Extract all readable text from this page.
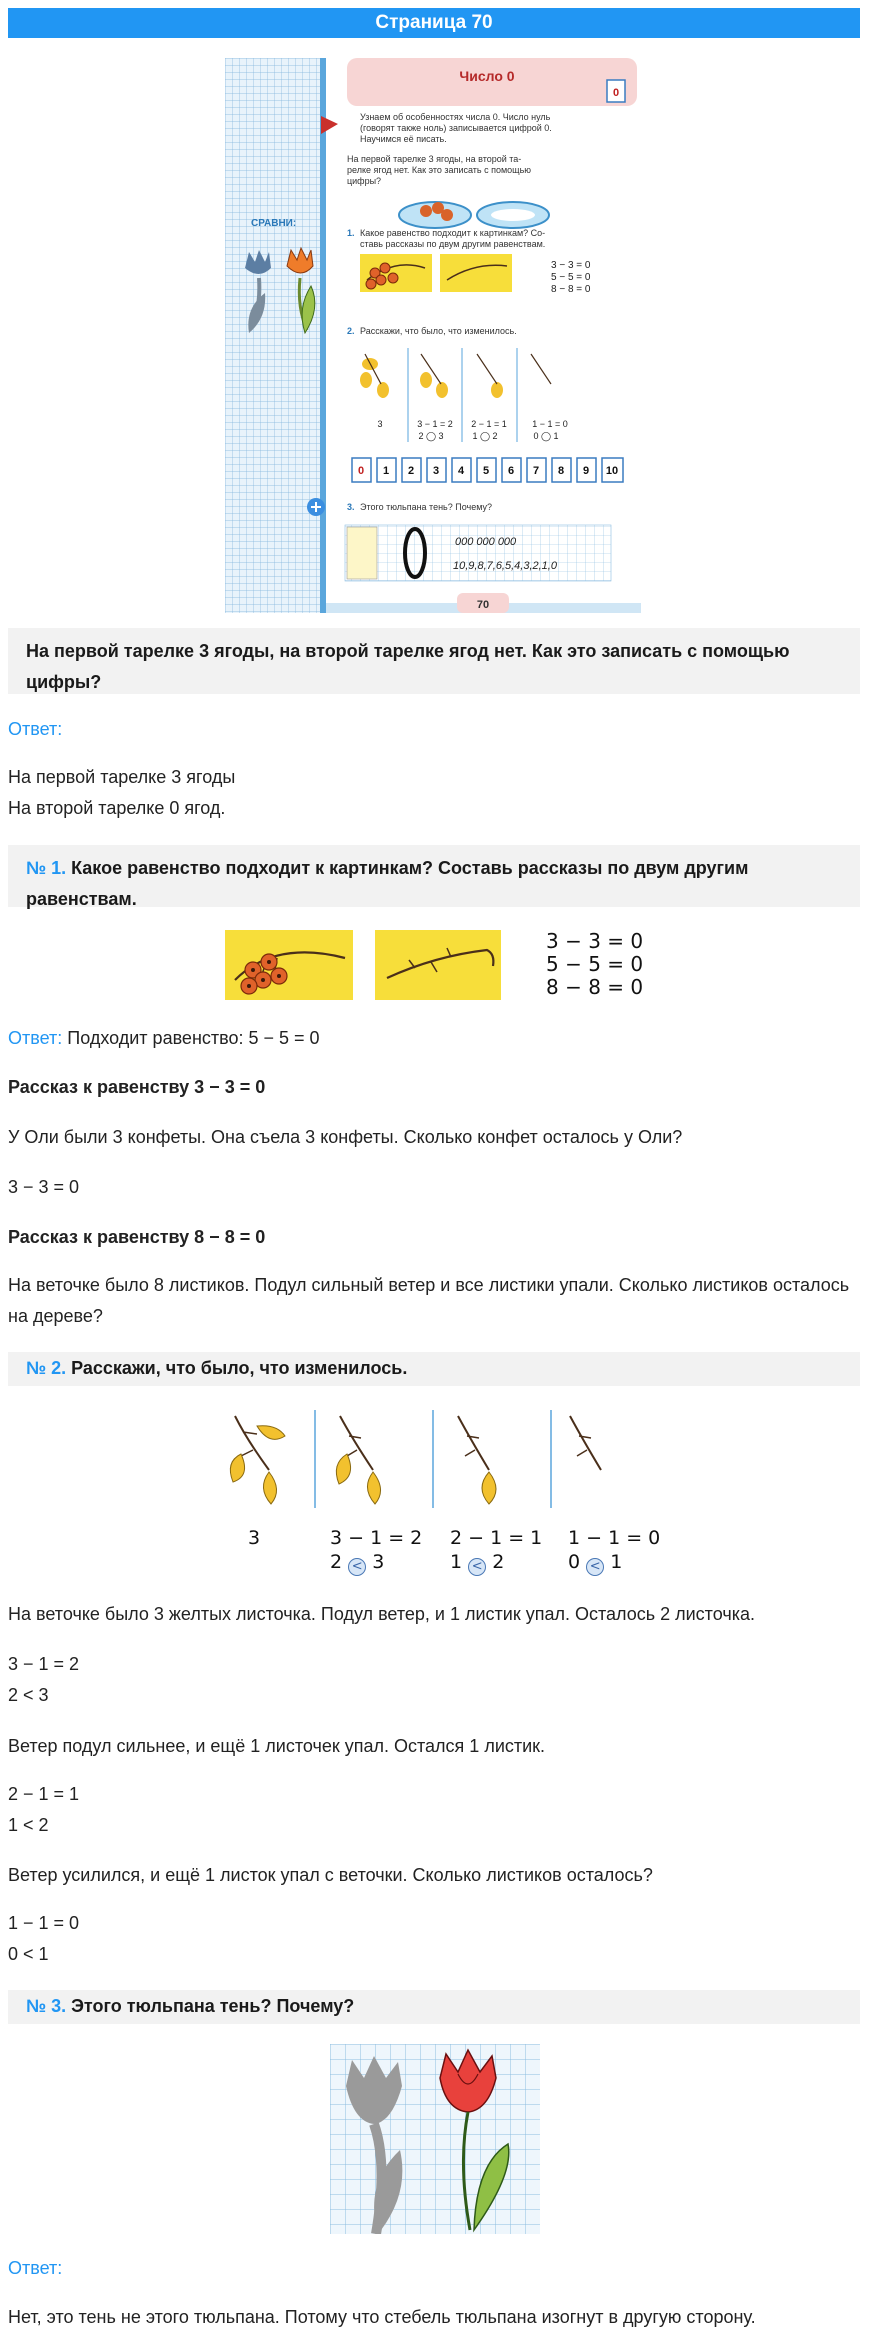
Страница 70
Число 0
0
Узнаем об особенностях числа 0. Число нуль
(говорят также ноль) записывается цифрой 0.
Научимся её писать.
На первой тарелке 3 ягоды, на второй та-
релке ягод нет. Как это записать с помощью
цифры?
СРАВНИ:
1. Какое равенство подходит к картинкам? Со-
ставь рассказы по двум другим равенствам.
3 − 3 = 0
5 − 5 = 0
8 − 8 = 0
2. Расскажи, что было, что изменилось.
3	3 − 1 = 2
2 ◯ 3
2 − 1 = 1
1 ◯ 2
1 − 1 = 0
0 ◯ 1
0 1 2 3 4 5 6 7 8 9 10
3. Этого тюльпана тень? Почему?
000 000 000
10,9,8,7,6,5,4,3,2,1,0
70
На первой тарелке 3 ягоды, на второй тарелке ягод нет. Как это записать с помощью цифры?
Ответ:
На первой тарелке 3 ягоды
На второй тарелке 0 ягод.
№ 1. Какое равенство подходит к картинкам? Составь рассказы по двум другим равенствам.
3 − 3 = 0
5 − 5 = 0
8 − 8 = 0
Ответ: Подходит равенство: 5 − 5 = 0
Рассказ к равенству 3 − 3 = 0
У Оли были 3 конфеты. Она съела 3 конфеты. Сколько конфет осталось у Оли?
3 − 3 = 0
Рассказ к равенству 8 − 8 = 0
На веточке было 8 листиков. Подул сильный ветер и все листики упали. Сколько листиков осталось на дереве?
№ 2. Расскажи, что было, что изменилось.
3	3 − 1 = 2
2 < 3
2 − 1 = 1
1 < 2
1 − 1 = 0
0 < 1
На веточке было 3 желтых листочка. Подул ветер, и 1 листик упал. Осталось 2 листочка.
3 − 1 = 2
2 < 3
Ветер подул сильнее, и ещё 1 листочек упал. Остался 1 листик.
2 − 1 = 1
1 < 2
Ветер усилился, и ещё 1 листок упал с веточки. Сколько листиков осталось?
1 − 1 = 0
0 < 1
№ 3. Этого тюльпана тень? Почему?
Ответ:
Нет, это тень не этого тюльпана. Потому что стебель тюльпана изогнут в другую сторону.
